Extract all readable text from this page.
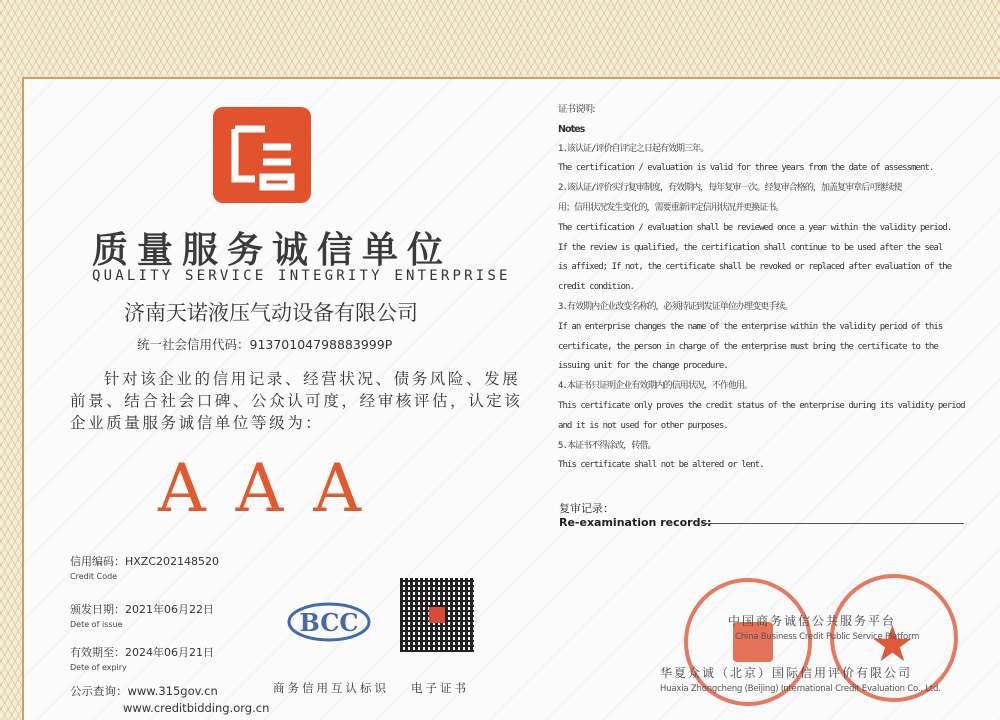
质量服务诚信单位
QUALITY SERVICE INTEGRITY ENTERPRISE
济南天诺液压气动设备有限公司
统一社会信用代码：91370104798883999P
针对该企业的信用记录、经营状况、债务风险、发展
前景、结合社会口碑、公众认可度，经审核评估，认定该
企业质量服务诚信单位等级为：
AAA
信用编码：HXZC202148520
Credit Code
颁发日期：2021年06月22日
Dete of issue
有效期至：2024年06月21日
Dete of expiry
公示查询：www.315gov.cn
www.creditbidding.org.cn
BCC
商务信用互认标识 电子证书
证书说明:
Notes
1.该认证/评价自评定之日起有效期三年。
The certification / evaluation is valid for three years from the date of assessment.
2.该认证/评价实行复审制度，有效期内，每年复审一次。经复审合格的，加盖复审章后可继续使
用；信用状况发生变化的，需要重新评定信用状况并更换证书。
The certification / evaluation shall be reviewed once a year within the validity period.
If the review is qualified, the certification shall continue to be used after the seal
is affixed; If not, the certificate shall be revoked or replaced after evaluation of the
credit condition.
3.有效期内企业改变名称的，必须持证到发证单位办理变更手续。
If an enterprise changes the name of the enterprise within the validity period of this
certificate, the person in charge of the enterprise must bring the certificate to the
issuing unit for the change procedure.
4.本证书只证明企业有效期内的信用状况，不作他用。
This certificate only proves the credit status of the enterprise during its validity period
and it is not used for other purposes.
5.本证书不得涂改，转借。
This certificate shall not be altered or lent.
复审记录：
Re-examination records:
★
中国商务诚信公共服务平台
China Business Credit Public Service Platform
华夏众诚（北京）国际信用评价有限公司
Huaxia Zhongcheng (Beijing) International Credit Evaluation Co., Ltd.
